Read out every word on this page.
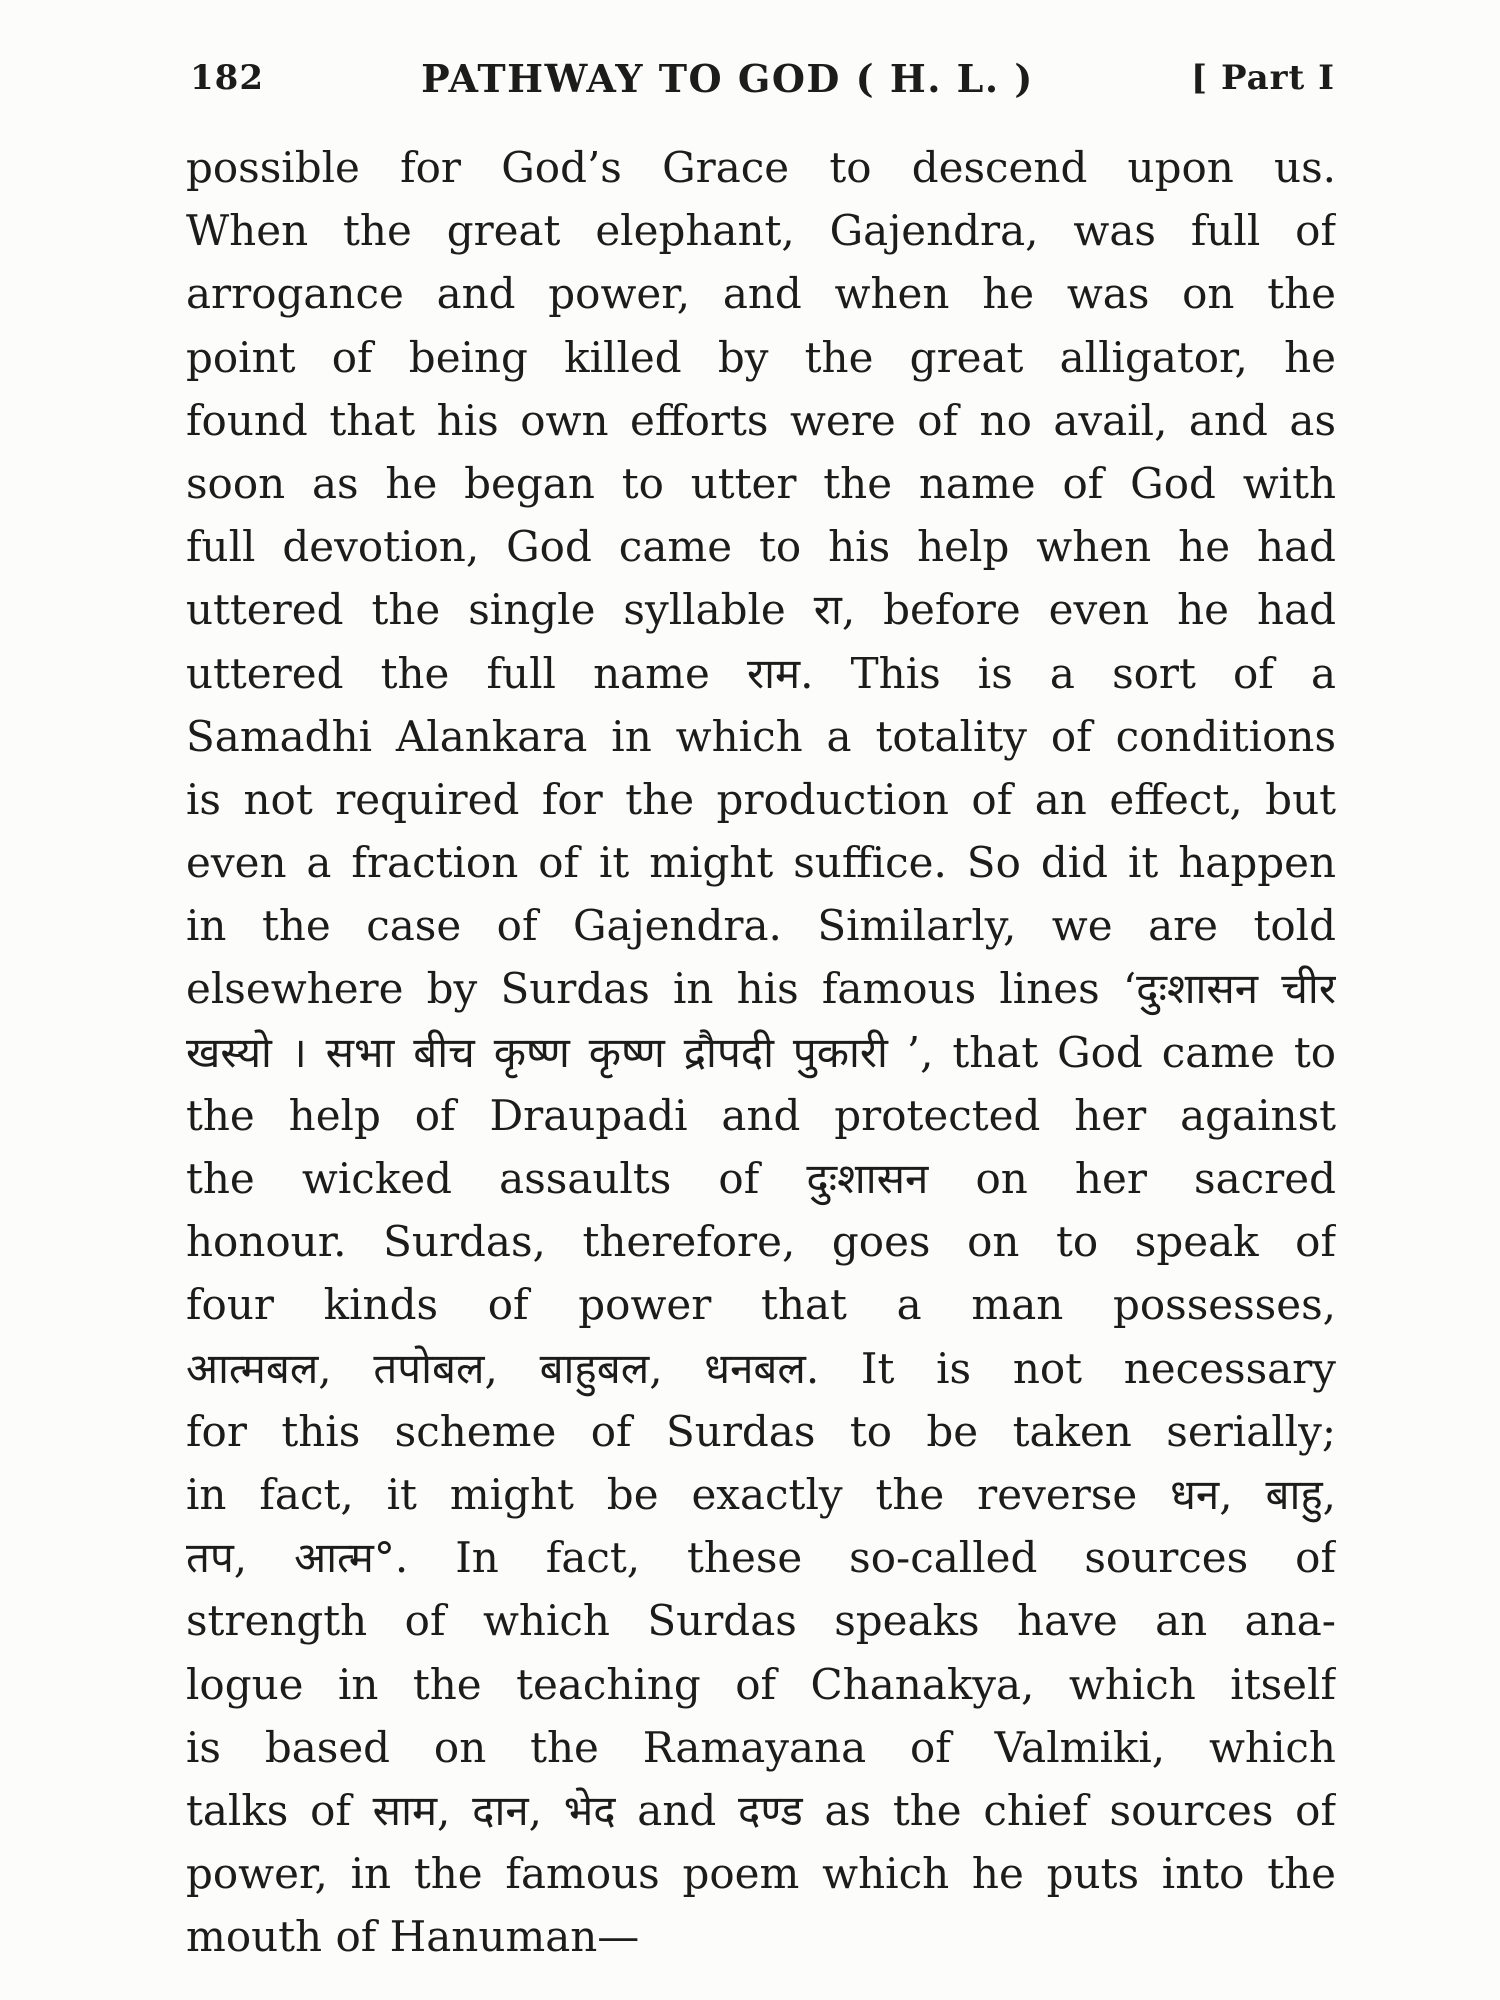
182	PATHWAY TO GOD ( H. L. )	[ Part I
possible for God’s Grace to descend upon us.
When the great elephant, Gajendra, was full of
arrogance and power, and when he was on the
point of being killed by the great alligator, he
found that his own efforts were of no avail, and as
soon as he began to utter the name of God with
full devotion, God came to his help when he had
uttered the single syllable रा, before even he had
uttered the full name राम. This is a sort of a
Samadhi Alankara in which a totality of conditions
is not required for the production of an effect, but
even a fraction of it might suffice. So did it happen
in the case of Gajendra. Similarly, we are told
elsewhere by Surdas in his famous lines ‘दुःशासन चीर
खस्यो । सभा बीच कृष्ण कृष्ण द्रौपदी पुकारी ’, that God came to
the help of Draupadi and protected her against
the wicked assaults of दुःशासन on her sacred
honour. Surdas, therefore, goes on to speak of
four kinds of power that a man possesses,
आत्मबल, तपोबल, बाहुबल, धनबल. It is not necessary
for this scheme of Surdas to be taken serially;
in fact, it might be exactly the reverse धन, बाहु,
तप, आत्म°. In fact, these so-called sources of
strength of which Surdas speaks have an ana-
logue in the teaching of Chanakya, which itself
is based on the Ramayana of Valmiki, which
talks of साम, दान, भेद and दण्ड as the chief sources of
power, in the famous poem which he puts into the
mouth of Hanuman—
